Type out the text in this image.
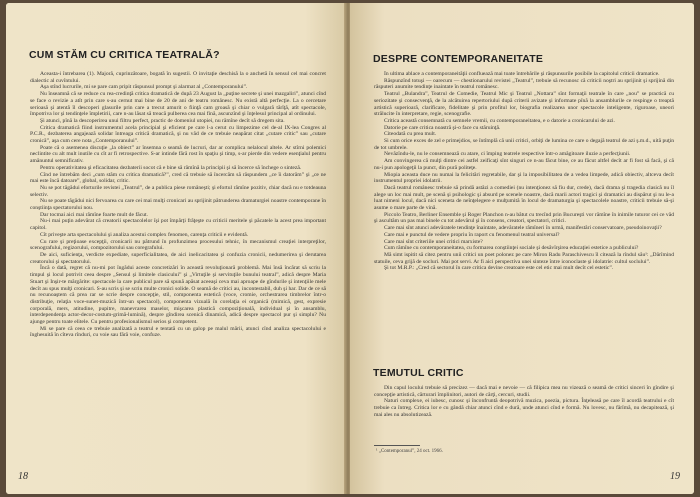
CUM STĂM CU CRITICA TEATRALĂ?

Aceasta-i întrebarea (1). Majoră, cuprinzătoare, bogată în sugestii. O invitaţie deschisă la o anchetă în sensul cel mai concret dialectic al cuvîntului.

Aşa stînd lucrurile, mi se pare cam pripit răspunsul prompt şi alarmat al „Contemporanului”.

Nu înseamnă că se reduce cu rea-credinţă critica dramatică de după 23 August la „puţine secrete şi unei mazgaliri”, atunci cînd se face o revizie a atît prin care s-au cernut mai bine de 20 de ani de teatru românesc. Nu există altă perfecţie. La o cercetare serioasă şi atentă îl descoperi glasurile prin care a trecut amurit o fiinţă cam groasă şi chiar o vulgară tărîţă, atît spectacole, împotriva lor şi tendinţele împletirii, care n-au lăsat să treacă pulberea cea mai fină, ascunzînd şi înţelesul principal al ordinului.

Şi atunci, pînă la descoperirea unui filtru perfect, practic de domeniul utopiei, nu rămîne decît să dregem sita.

Critica dramatică fiind instrumentul acela principial şi eficient pe care l-a cerut cu limpezime cel de-al IX-lea Congres al P.C.R., dezbaterea angajează solidar întreaga critică dramatică, şi nu văd de ce trebuie neapărat citat „cutare critic” sau „cutare cronică”, aşa cum cere nota „Contemporanului”.

Poate că o asemenea discuţie „la obiect” ar însemna o seamă de lucruri, dar ar complica nelalocul altele. Ar stîrni polemici neclintite cu alt mult inutile cu cît ar fi retrospective. S-ar intinde fără rost în spaţiu şi timp, s-ar pierde din vedere esenţialul pentru amănuntul semnificativ.

Pentru operativitatea şi eficacitatea dezbaterii socot că e bine să rămînă la principii şi să încerce să închege o sinteză.

Cînd ne întrebăm deci „cum stăm cu critica dramatică?”, cred că trebuie să încercăm să răspundem „ce îi datorăm” şi „ce ne mai este încă datoare”, global, solidar, critic.

Nu se pot tăgădui eforturile revistei „Teatrul”, de a publica piese româneşti; şi efortul rămîne pozitiv, chiar dacă nu e totdeauna selectiv.

Nu se poate tăgădui nici fervoarea cu care cei mai mulţi cronicari au sprijinit pătrunderea dramaturgiei noastre contemporane în conştiinţa spectatorului nou.

Dar tocmai aici mai rămîne foarte mult de făcut.

Nu-i mai puţin adevărat că creatorii spectacolelor îşi pot împărţi frăţeşte cu criticii meritele şi păcatele la acest prea important capitol.

Cît priveşte arta spectacolului şi analiza acestui complex fenomen, carenţa criticii e evidentă.

Cu rare şi preţioase excepţii, cronicarii nu pătrund în profunzimea procesului tehnic, în mecanismul creaţiei interpreţilor, scenografului, regizorului, compozitorului sau coregrafului.

De aici, suficienţa, verdicte expediate, superficialitatea, de aici inelicacitatea şi confuzia cronicii, nedumerirea şi derutarea creatorului şi spectatorului.

Încă o dată, regret că nu-mi pot îngădui aceste concretizări în această revoluţionară problemă. Mai însă încărat să scriu la timpul şi locul potrivit ceea despre „Sensul şi limitele clasicului” şi „Virtuţile şi servituţile bunului teatral”, adică despre Maria Stuart şi Inşir-te mărgărite: spectacole la care publicul pare să spună apăsat aceeaşi ceva mai aproape de gîndurile şi intenţiile mele decît au spus mulţi cronicari. S-au scris şi se scriu multe cronici solide. O seamă de critici au, incontestabil, duh şi har. Dar de ce să nu recunoaştem că prea rar se scrie despre concepţie, stil, componenta estetică (voce, cromie, orchestrarea timbrelor într-o distribuţie, relaţia voce-sunet-muzică într-un spectacol), componenta vizuală în corelaţia ei organică (mimică, gest, expresie corporală, mers, atitudine, pupitre, manevrarea maselor, mişcarea plastică compoziţională, individual şi în ansamblu, interdependenţa actor-decor-costum-grimă-lumină), despre gîndirea scenică dinamică, adică despre spectacol pur şi simplu? Nu ajunge pentru toate elitele. Cu pentru profesionalismul serios şi competent.

Mi se pare că ceea ce trebuie analizată a teatrul e tentată cu un galop pe malul mării, atunci cînd analiza spectacolului e înghesuită în cîteva rînduri, cu voie sau fără voie, confuze.

18
DESPRE CONTEMPORANEITATE

În ultima ablace a contemporaneităţii confluează mai toate întrebările şi răspunsurile posibile la capitolul criticii dramatice.

Răspunzînd totuşi — oarecum — chestionarului revistei „Teatrul”, trebuie să recunosc că criticii noştri au sprijinit şi sprijină din răsputeri anumite tendinţe inaintate în teatrul românesc.

Teatrul „Bulandra”, Teatrul de Comedie, Teatrul Mic şi Teatrul „Nottara” sînt formaţii teatrale în care „nou” se practică cu seriozitate şi consecvenţă, de la alcătuirea repertoriului după criterii avizate şi informate pînă la ansamblurile ce respinge o treaptă artistică superioară, clarificare, fidelitate şi prin profitul lor, biografia realizarea unor spectacole inteligente, riguroase, uneori strălucite în interpretare, regie, scenografie.

Critica această consemnată cu semnele vremii, cu contemporaneitatea, e o datorie a cronicarului de azi.

Datorie pe care critica noastră şi-o face cu stăruinţă.

Citeodată cu prea mult.

Si cum orice exces de zel e primejdios, se întîmplă că unii critici, orbiţi de lumina ce care o degajă teatrul de azi ş.m.d., uită puţin de tot umbrele.

Nevăzîndu-le, nu le consemnează cu atare, ci împing teatrele respective într-o amăgitoare iluzie a perfecţiunii.

Am convingerea că mulţi dintre cei astfel zeificaţi sînt singuri ce n-au făcut bine, ce au făcut altfel decît ar fi fost să facă, şi că nu-i pun apologeţii la punct, din pură politeţe.

Miopia aceasta duce nu numai la felicitări regretabile, dar şi la imposibilitatea de a vedea limpede, adică obiectiv, altceva decît instrumentul propriei idolatrii.

Dacă teatrul românesc trebuie să prindă astăzi a comediei (nu intenţionez să fiu dur, crede), dacă drama şi tragedia clasică nu îl alege un loc mai mult, pe scenă şi psihologic şi absurd pe scenele noastre, dacă marii actori tragici şi dramatici au dispărut şi nu le-a luat nimeni locul, dacă nici sceneta de neînţelegere e mulţumită în locul de dramaturgia şi spectacolele noastre, criticii trebuie să-şi asume o mare parte de vină.

Piccolo Teatro, Berliner Ensemble şi Roger Planchon n-au bătut cu trecînd prin Bucureşti vor rămîne în inimile tuturor cei ce văd şi ascultăm un pas mai binele cu tot adevărul şi în consens, creatori, spectatori, critici.

Care mai sînt atunci adevăratele tendinţe înaintate, adevăratele rămîneri în urmă, manifestări conservatoare, pseudoinovaţii?

Care mai e punctul de vedere propriu în raport cu fenomenul teatral universal?

Care mai sînt criteriile unei critici marxiste?

Cum rămîne cu contemporaneitatea, cu formarea conştiinţei sociale şi desăvîrşirea educaţiei estetice a publicului?

Mă simt ispitit să citez pentru unii critici un poet polonez pe care Miron Radu Paraschivescu îl citează la rîndul său¹: „Dărîmind statuile, ceva grijă de socluri. Mai pot servi. Ar fi aici perspectiva unei sinteze între iconoclaste şi idolatrie: cultul soclului”.

Şi tot M.R.P.: „Cred că sectorul în care critica devine creatoare este cel etic mai mult decît cel estetic”.

TEMUTUL CRITIC

Din capul locului trebuie să precizez — dacă mai e nevoie — că filipica mea nu vizează o seamă de critici sinceri în gîndire şi concepţie artistică, cărturari împlinitori, autori de cărţi, cercuri, studii.

Naturi complexe, ei iubesc, cunosc şi înconfruntă deopotrivă muzica, poezia, pictura. Înţeleasă pe care îl acordă teatrului e cît trebuie ca întreg. Critica lor e cu gândă chiar atunci cînd e dură, unde atunci cînd e formă. Nu lovesc, nu fărîmă, nu decapitează, şi mai ales nu absolutizează.

¹ „Contemporanul”, 24 oct. 1966.
19
